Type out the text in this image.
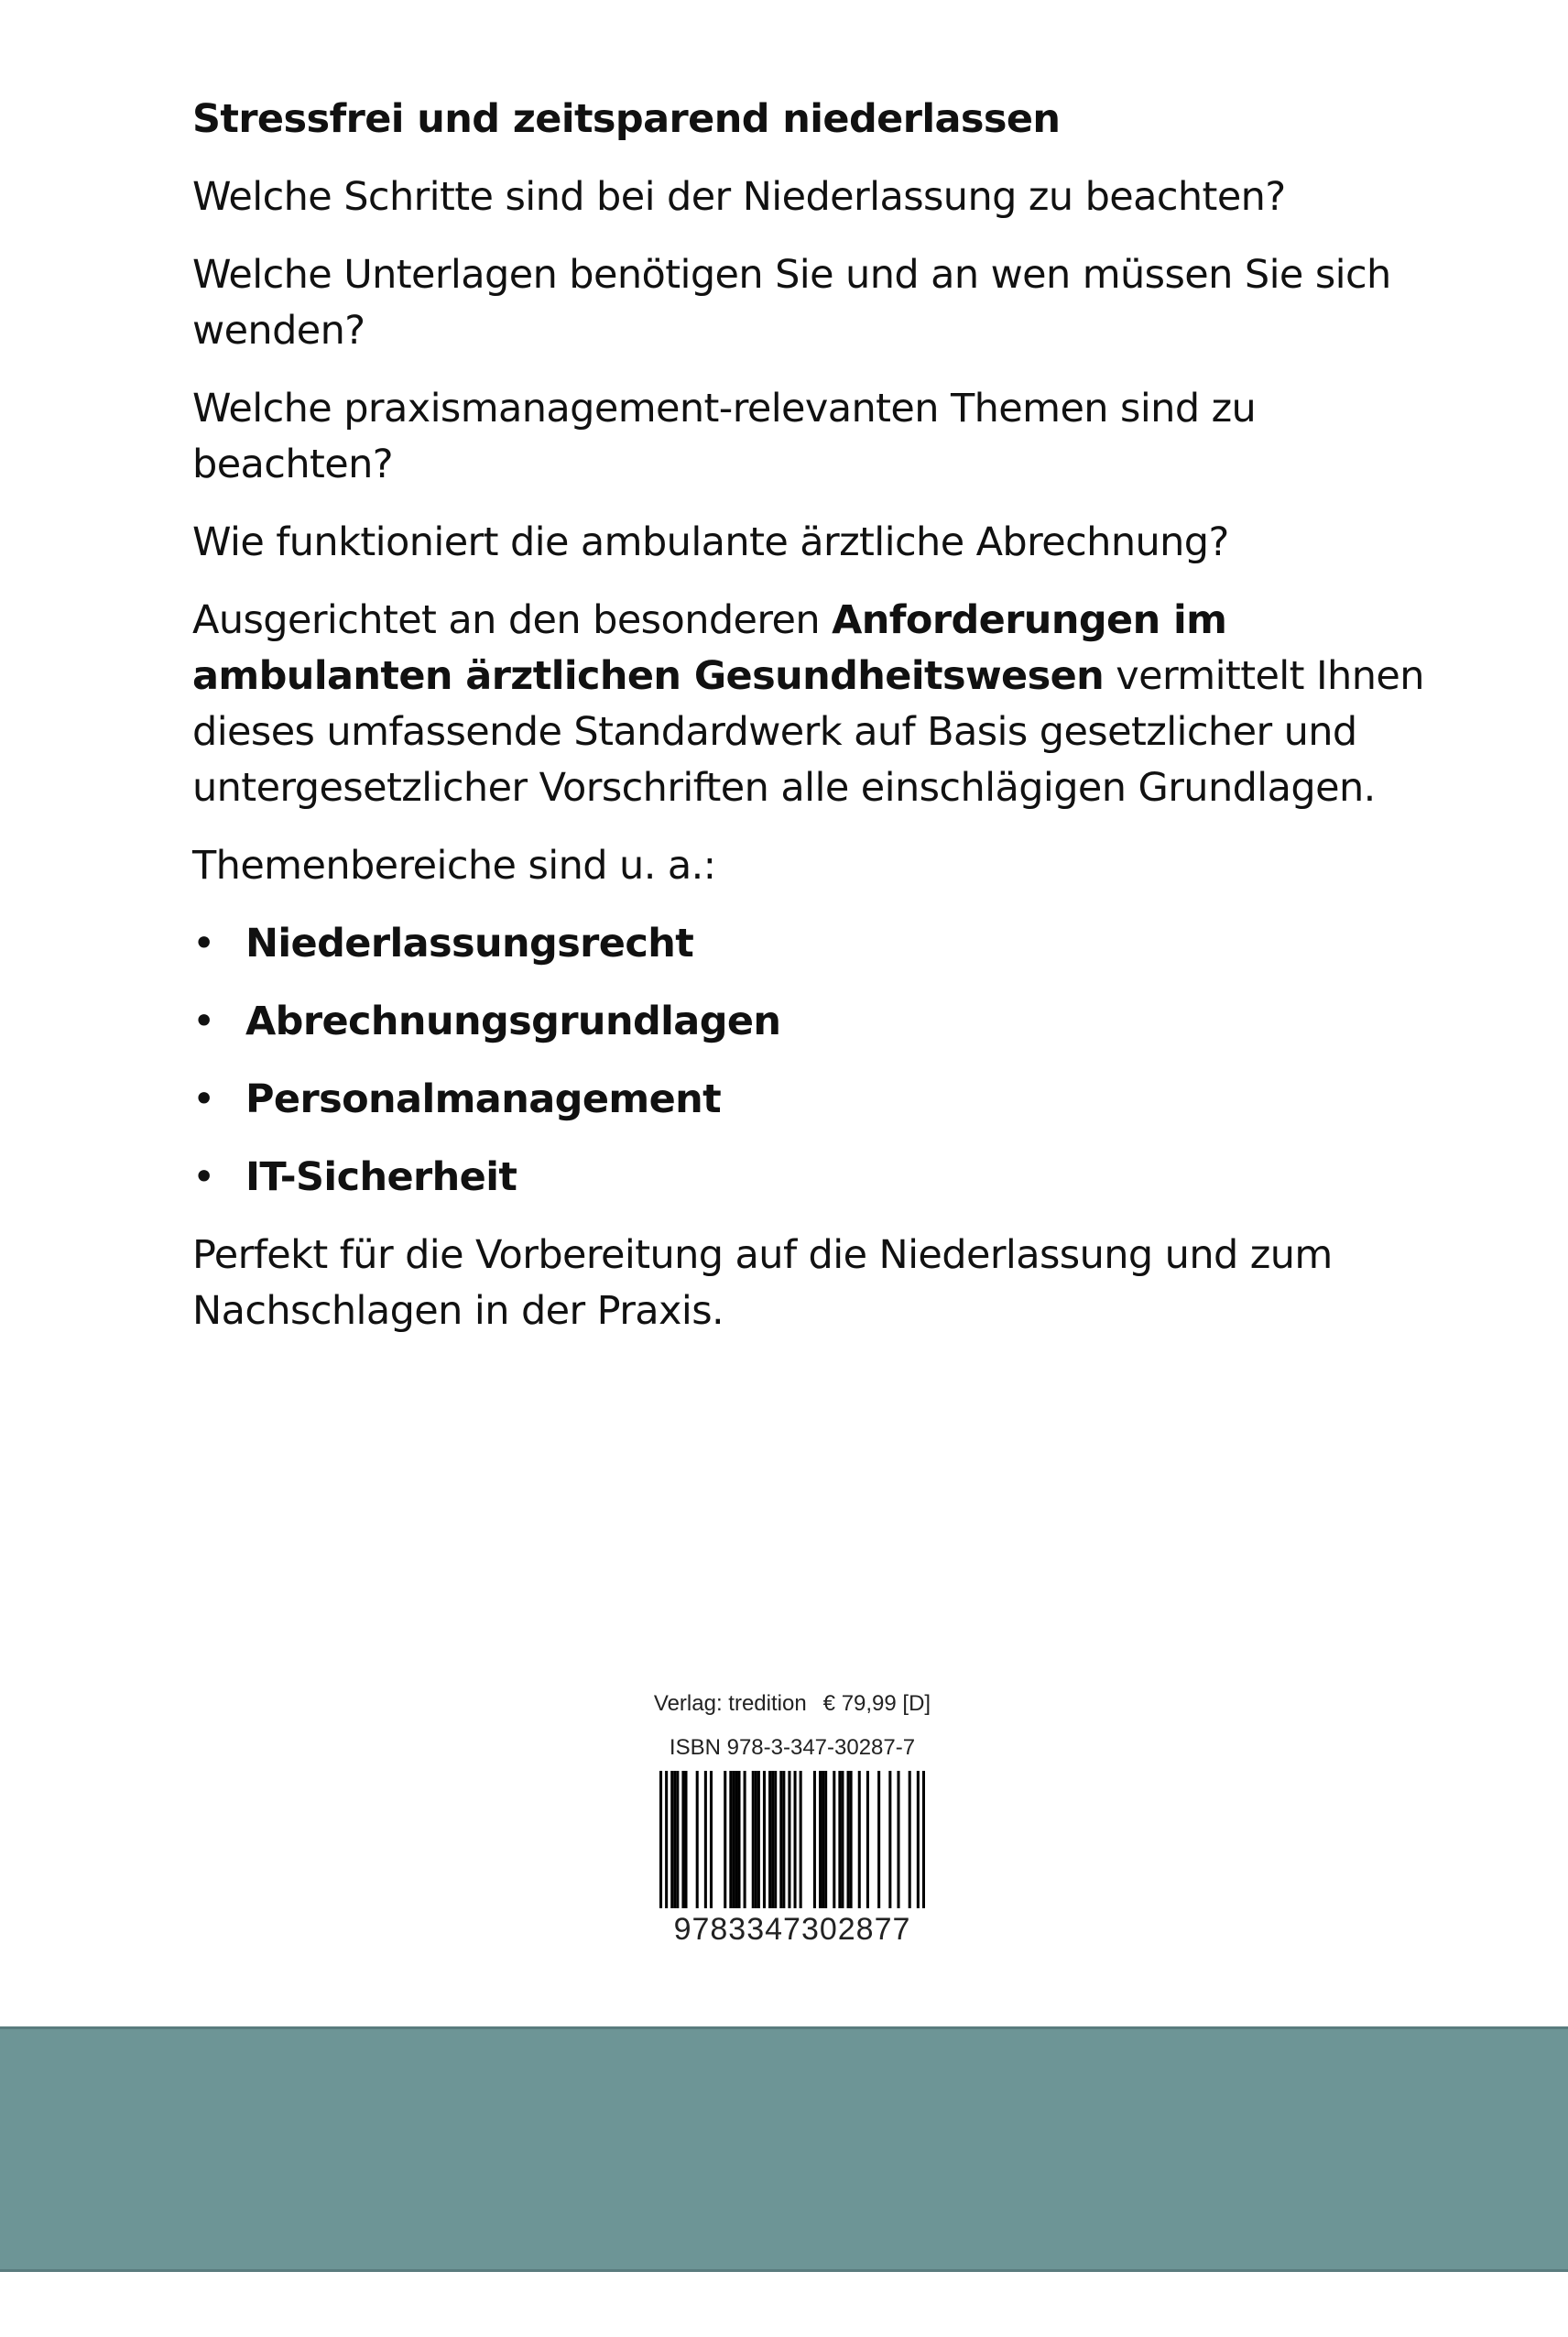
Stressfrei und zeitsparend niederlassen

Welche Schritte sind bei der Niederlassung zu beachten?

Welche Unterlagen benötigen Sie und an wen müssen Sie sich wenden?

Welche praxismanagement-relevanten Themen sind zu beachten?

Wie funktioniert die ambulante ärztliche Abrechnung?

Ausgerichtet an den besonderen Anforderungen im ambulanten ärztlichen Gesundheitswesen vermittelt Ihnen dieses umfassende Standardwerk auf Basis gesetzlicher und untergesetzlicher Vorschriften alle einschlägigen Grundlagen.

Themenbereiche sind u. a.:

• Niederlassungsrecht
• Abrechnungsgrundlagen
• Personalmanagement
• IT-Sicherheit

Perfekt für die Vorbereitung auf die Niederlassung und zum Nachschlagen in der Praxis.

Verlag: tredition € 79,99 [D]
ISBN 978-3-347-30287-7
9783347302877
